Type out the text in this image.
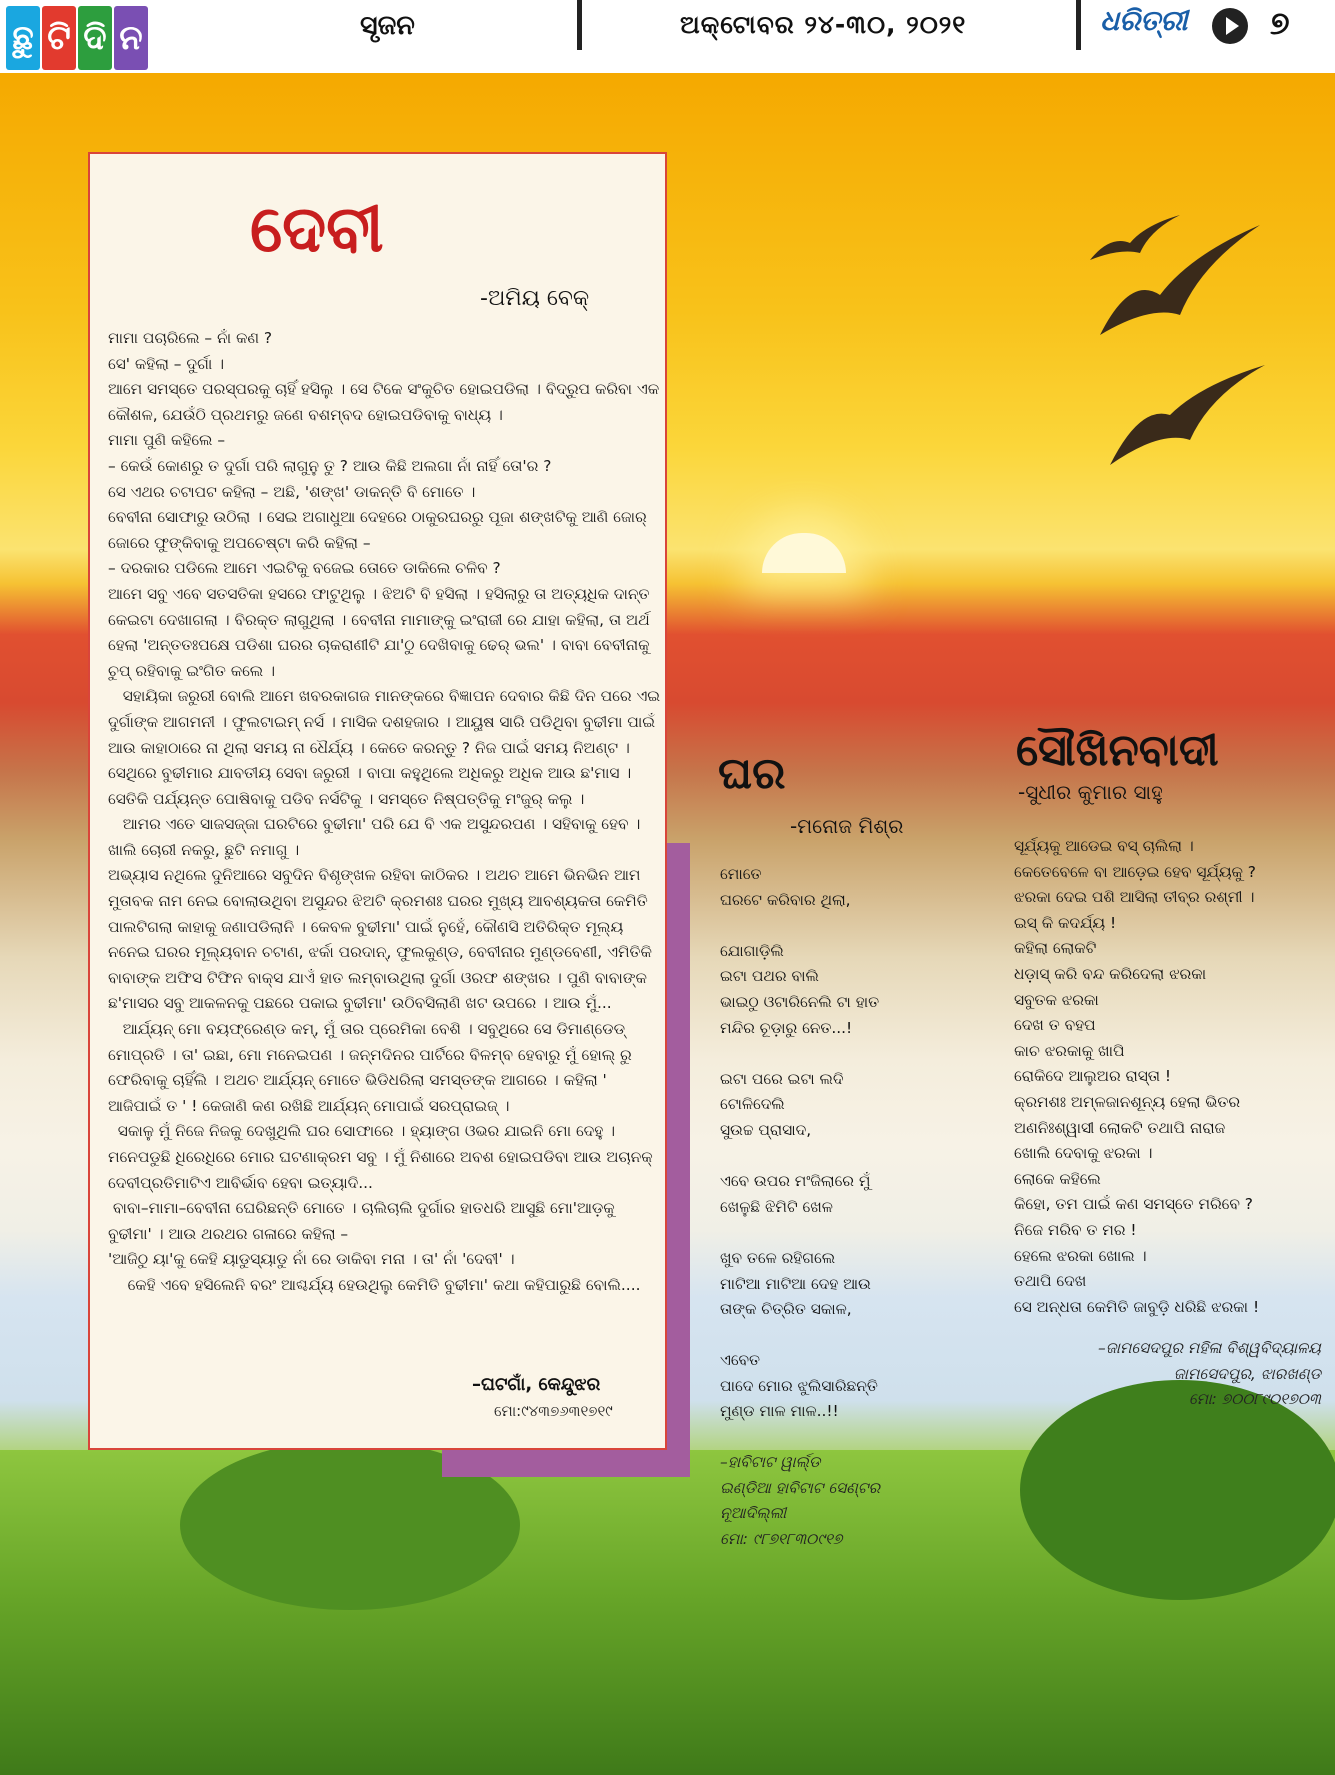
ଛୁ ଟି ଦି ନ	ସୃଜନ	ଅକ୍ଟୋବର ୨୪-୩୦, ୨୦୨୧	ଧରିତ୍ରୀ	୭
ଦେବୀ
-ଅମିୟ ବେକ୍

ମାମା ପଚାରିଲେ – ନାଁ କଣ ?
ସେ' କହିଲା – ଦୁର୍ଗା ।
ଆମେ ସମସ୍ତେ ପରସ୍ପରକୁ ଚାହିଁ ହସିଲୁ । ସେ ଟିକେ ସଂକୁଚିତ ହୋଇପଡିଲା । ବିଦ୍ରୁପ କରିବା ଏକ କୌଶଳ, ଯେଉଁଠି ପ୍ରଥମରୁ ଜଣେ ବଶମ୍ବଦ ହୋଇପଡିବାକୁ ବାଧ୍ୟ ।
ମାମା ପୁଣି କହିଲେ –
– କେଉଁ କୋଣରୁ ତ ଦୁର୍ଗା ପରି ଲାଗୁନୁ ତୁ ? ଆଉ କିଛି ଅଲଗା ନାଁ ନାହିଁ ତୋ'ର ?
ସେ ଏଥର ଚଟାପଟ କହିଲା – ଅଛି, 'ଶଙ୍ଖ' ଡାକନ୍ତି ବି ମୋତେ ।
ବେବୀନା ସୋଫାରୁ ଉଠିଲା । ସେଇ ଅଗାଧୁଆ ଦେହରେ ଠାକୁରଘରରୁ ପୂଜା ଶଙ୍ଖଟିକୁ ଆଣି ଜୋର୍ ଜୋରେ ଫୁଙ୍କିବାକୁ ଅପଚେଷ୍ଟା କରି କହିଲା –
– ଦରକାର ପଡିଲେ ଆମେ ଏଇଟିକୁ ବଜେଇ ତୋତେ ଡାକିଲେ ଚଳିବ ?
ଆମେ ସବୁ ଏବେ ସତସତିକା ହସରେ ଫାଟୁଥିଲୁ । ଝିଅଟି ବି ହସିଲା । ହସିଲାରୁ ତା ଅତ୍ୟଧିକ ଦାନ୍ତ କେଇଟା ଦେଖାଗଲା । ବିରକ୍ତ ଲାଗୁଥିଲା । ବେବୀନା ମାମାଙ୍କୁ ଇଂରାଜୀ ରେ ଯାହା କହିଲା, ତା ଅର୍ଥ ହେଲା 'ଅନ୍ତତଃପକ୍ଷେ ପଡିଶା ଘରର ଚାକରାଣୀଟି ଯା'ଠୁ ଦେଖିବାକୁ ଢେର୍ ଭଲ' । ବାବା ବେବୀନାକୁ ଚୁପ୍ ରହିବାକୁ ଇଂଗିତ କଲେ ।

ସହାୟିକା ଜରୁରୀ ବୋଲି ଆମେ ଖବରକାଗଜ ମାନଙ୍କରେ ବିଜ୍ଞାପନ ଦେବାର କିଛି ଦିନ ପରେ ଏଇ ଦୁର୍ଗାଙ୍କ ଆଗମନୀ । ଫୁଲଟାଇମ୍ ନର୍ସ । ମାସିକ ଦଶହଜାର । ଆୟୁଷ ସାରି ପଡିଥିବା ବୁଢୀମା ପାଇଁ ଆଉ କାହାଠାରେ ନା ଥିଲା ସମୟ ନା ଧୈର୍ଯ୍ୟ । କେତେ କରନ୍ତୁ ? ନିଜ ପାଇଁ ସମୟ ନିଅଣ୍ଟ । ସେଥିରେ ବୁଢୀମାର ଯାବତୀୟ ସେବା ଜରୁରୀ । ବାପା କହୁଥିଲେ ଅଧିକରୁ ଅଧିକ ଆଉ ଛ'ମାସ । ସେତିକି ପର୍ଯ୍ୟନ୍ତ ପୋଷିବାକୁ ପଡିବ ନର୍ସଟିକୁ । ସମସ୍ତେ ନିଷ୍ପତ୍ତିକୁ ମଂଜୁର୍ କଲୁ ।

ଆମର ଏତେ ସାଜସଜ୍ଜା ଘରଟିରେ ବୁଢୀମା' ପରି ଯେ ବି ଏକ ଅସୁନ୍ଦରପଣ । ସହିବାକୁ ହେବ । ଖାଲି ଚୋରୀ ନକରୁ, ଛୁଟି ନମାଗୁ ।
ଅଭ୍ୟାସ ନଥିଲେ ଦୁନିଆରେ ସବୁଦିନ ବିଶୃଙ୍ଖଳ ରହିବା କାଠିକର । ଅଥଚ ଆମେ ଭିନଭିନ ଆମ ମୁତାବକ ନାମ ନେଇ ବୋଲାଉଥିବା ଅସୁନ୍ଦର ଝିଅଟି କ୍ରମଶଃ ଘରର ମୁଖ୍ୟ ଆବଶ୍ୟକତା କେମିତି ପାଲଟିଗଲା କାହାକୁ ଜଣାପଡିଲାନି । କେବଳ ବୁଢୀମା' ପାଇଁ ନୁହେଁ, କୌଣସି ଅତିରିକ୍ତ ମୂଲ୍ୟ ନନେଇ ଘରର ମୂଲ୍ୟବାନ ଚଟାଣ, ଝର୍କା ପରଦାନ୍, ଫୁଲକୁଣ୍ଡ, ବେବୀନାର ମୁଣ୍ଡବେଣୀ, ଏମିତିକି ବାବାଙ୍କ ଅଫିସ ଟିଫିନ ବାକ୍ସ ଯାଏଁ ହାତ ଲମ୍ବାଉଥିଲା ଦୁର୍ଗା ଓରଫ ଶଙ୍ଖର । ପୁଣି ବାବାଙ୍କ ଛ'ମାସର ସବୁ ଆକଳନକୁ ପଛରେ ପକାଇ ବୁଢୀମା' ଉଠିବସିଲାଣି ଖଟ ଉପରେ । ଆଉ ମୁଁ...

ଆର୍ଯ୍ୟନ୍ ମୋ ବୟଫ୍ରେଣ୍ଡ କମ୍, ମୁଁ ତାର ପ୍ରେମିକା ବେଶି । ସବୁଥିରେ ସେ ଡିମାଣ୍ଡେଡ୍ ମୋପ୍ରତି । ତା' ଇଛା, ମୋ ମନେଇପଣ । ଜନ୍ମଦିନର ପାର୍ଟିରେ ବିଳମ୍ବ ହେବାରୁ ମୁଁ ହୋଲ୍ ରୁ ଫେରିବାକୁ ଚାହିଁଲି । ଅଥଚ ଆର୍ଯ୍ୟନ୍ ମୋତେ ଭିଡିଧରିଲା ସମସ୍ତଙ୍କ ଆଗରେ । କହିଲା ' ଆଜିପାଇଁ ତ ' ! କେଜାଣି କଣ ରଖିଛି ଆର୍ଯ୍ୟନ୍ ମୋପାଇଁ ସରପ୍ରାଇଜ୍ ।

ସକାଳୁ ମୁଁ ନିଜେ ନିଜକୁ ଦେଖୁଥିଲି ଘର ସୋଫାରେ । ହ୍ୟାଙ୍ଗ ଓଭର ଯାଇନି ମୋ ଦେହୁ । ମନେପଡୁଛି ଧିରେଧିରେ ମୋର ଘଟଣାକ୍ରମ ସବୁ । ମୁଁ ନିଶାରେ ଅବଶ ହୋଇପଡିବା ଆଉ ଅଚାନକ୍ ଦେବୀପ୍ରତିମାଟିଏ ଆବିର୍ଭାବ ହେବା ଇତ୍ୟାଦି...
ବାବା–ମାମା–ବେବୀନା ଘେରିଛନ୍ତି ମୋତେ । ଚାଲିଚାଲି ଦୁର୍ଗାର ହାତଧରି ଆସୁଛି ମୋ'ଆଡ଼କୁ ବୁଢୀମା' । ଆଉ ଥରଥର ଗଳାରେ କହିଲା –
'ଆଜିଠୁ ୟା'କୁ କେହି ୟାଡୁସ୍ୟାଡୁ ନାଁ ରେ ଡାକିବା ମନା । ତା' ନାଁ 'ଦେବୀ' ।
କେହି ଏବେ ହସିଲେନି ବରଂ ଆଶ୍ଚର୍ଯ୍ୟ ହେଉଥିଲୁ କେମିତି ବୁଢୀମା' କଥା କହିପାରୁଛି ବୋଲି....

–ଘଟଗାଁ, କେନ୍ଦୁଝର
ମୋ:୯୪୩୭୬୩୧୭୧୯
ଘର
-ମନୋଜ ମିଶ୍ର

ମୋତେ
ଘରଟେ କରିବାର ଥିଲା,

ଯୋଗାଡ଼ିଲି
ଇଟା ପଥର ବାଲି
ଭାଇଠୁ ଓଟାରିନେଲି ଟା ହାତ
ମନ୍ଦିର ଚୂଡ଼ାରୁ ନେତ...!

ଇଟା ପରେ ଇଟା ଲଦି
ଟୋଳିଦେଲି
ସୁଉଚ୍ଚ ପ୍ରାସାଦ,

ଏବେ ଉପର ମଂଜିଲାରେ ମୁଁ
ଖେଳୁଛି ଝିମିଟି ଖେଳ

ଖୁବ ତଳେ ରହିଗଲେ
ମାଟିଆ ମାଟିଆ ଦେହ ଆଉ
ତାଙ୍କ ଚିତ୍ରିତ ସକାଳ,

ଏବେତ
ପାଦେ ମୋର ଝୁଲିସାରିଛନ୍ତି
ମୁଣ୍ଡ ମାଳ ମାଳ..!!

–ହାବିଟାଟ ୱାର୍ଲ୍ଡ
ଇଣ୍ଡିଆ ହାବିଟାଟ ସେଣ୍ଟର
ନୂଆଦିଲ୍ଲୀ
ମୋ: ୯୮୭୧୮୩୦୯୧୭
ସୌଖିନବାଦୀ
-ସୁଧୀର କୁମାର ସାହୁ

ସୂର୍ଯ୍ୟକୁ ଆଡେଇ ବସ୍ ଚାଲିଲା ।
କେତେବେଳେ ବା ଆଡ଼େଇ ହେବ ସୂର୍ଯ୍ୟକୁ ?
ଝରକା ଦେଇ ପଶି ଆସିଲା ତୀବ୍ର ରଶ୍ମୀ ।
ଇସ୍ କି କଦର୍ଯ୍ୟ !
କହିଲା ଲୋକଟି
ଧଡ଼ାସ୍ କରି ବନ୍ଦ କରିଦେଲା ଝରକା
ସବୁତକ ଝରକା
ଦେଖ ତ ବହପ
କାଚ ଝରକାକୁ ଖାପି
ରୋକିଦେ ଆଲୁଅର ରାସ୍ତା !
କ୍ରମଶଃ ଅମ୍ଳଜାନଶୂନ୍ୟ ହେଲା ଭିତର
ଅଣନିଃଶ୍ୱାସୀ ଲୋକଟି ତଥାପି ନାରାଜ
ଖୋଲି ଦେବାକୁ ଝରକା ।
ଲୋକେ କହିଲେ
କିହୋ, ତମ ପାଇଁ କଣ ସମସ୍ତେ ମରିବେ ?
ନିଜେ ମରିବ ତ ମର !
ହେଲେ ଝରକା ଖୋଲ ।
ତଥାପି ଦେଖ
ସେ ଅନ୍ଧତା କେମିତି ଜାବୁଡ଼ି ଧରିଛି ଝରକା !

–ଜାମସେଦପୁର ମହିଳା ବିଶ୍ୱବିଦ୍ୟାଳୟ
ଜାମସେଦପୁର, ଝାରଖଣ୍ଡ
ମୋ: ୭୦୦୮୯୦୧୭୦୩
